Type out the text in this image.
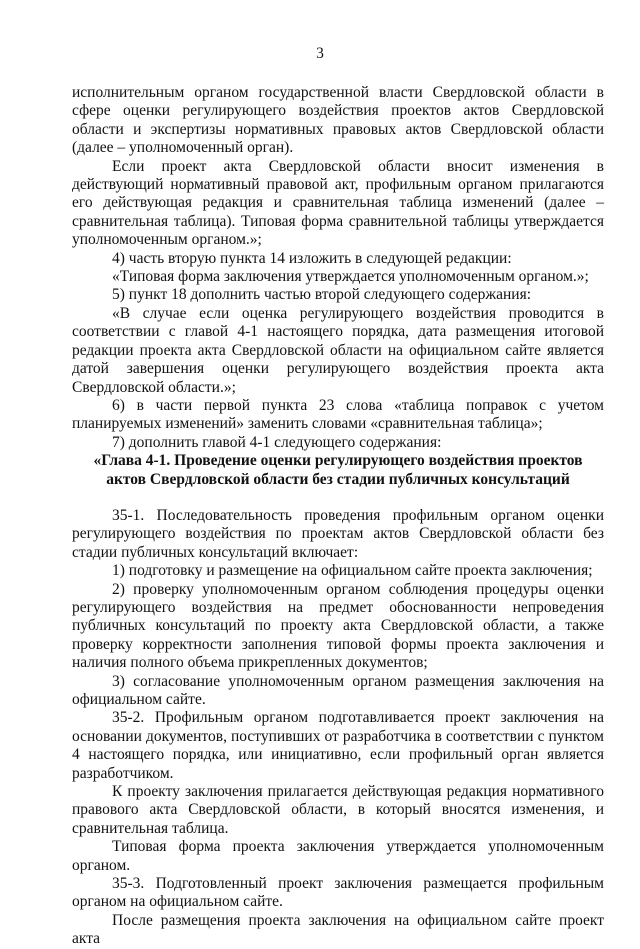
3

исполнительным органом государственной власти Свердловской области в сфере оценки регулирующего воздействия проектов актов Свердловской области и экспертизы нормативных правовых актов Свердловской области (далее – уполномоченный орган).

Если проект акта Свердловской области вносит изменения в действующий нормативный правовой акт, профильным органом прилагаются его действующая редакция и сравнительная таблица изменений (далее – сравнительная таблица). Типовая форма сравнительной таблицы утверждается уполномоченным органом.»;

4) часть вторую пункта 14 изложить в следующей редакции:

«Типовая форма заключения утверждается уполномоченным органом.»;

5) пункт 18 дополнить частью второй следующего содержания:

«В случае если оценка регулирующего воздействия проводится в соответствии с главой 4-1 настоящего порядка, дата размещения итоговой редакции проекта акта Свердловской области на официальном сайте является датой завершения оценки регулирующего воздействия проекта акта Свердловской области.»;

6) в части первой пункта 23 слова «таблица поправок с учетом планируемых изменений» заменить словами «сравнительная таблица»;

7) дополнить главой 4-1 следующего содержания:

«Глава 4-1. Проведение оценки регулирующего воздействия проектов
актов Свердловской области без стадии публичных консультаций

35-1. Последовательность проведения профильным органом оценки регулирующего воздействия по проектам актов Свердловской области без стадии публичных консультаций включает:

1) подготовку и размещение на официальном сайте проекта заключения;

2) проверку уполномоченным органом соблюдения процедуры оценки регулирующего воздействия на предмет обоснованности непроведения публичных консультаций по проекту акта Свердловской области, а также проверку корректности заполнения типовой формы проекта заключения и наличия полного объема прикрепленных документов;

3) согласование уполномоченным органом размещения заключения на официальном сайте.

35-2. Профильным органом подготавливается проект заключения на основании документов, поступивших от разработчика в соответствии с пунктом 4 настоящего порядка, или инициативно, если профильный орган является разработчиком.

К проекту заключения прилагается действующая редакция нормативного правового акта Свердловской области, в который вносятся изменения, и сравнительная таблица.

Типовая форма проекта заключения утверждается уполномоченным органом.

35-3. Подготовленный проект заключения размещается профильным органом на официальном сайте.

После размещения проекта заключения на официальном сайте проект акта
